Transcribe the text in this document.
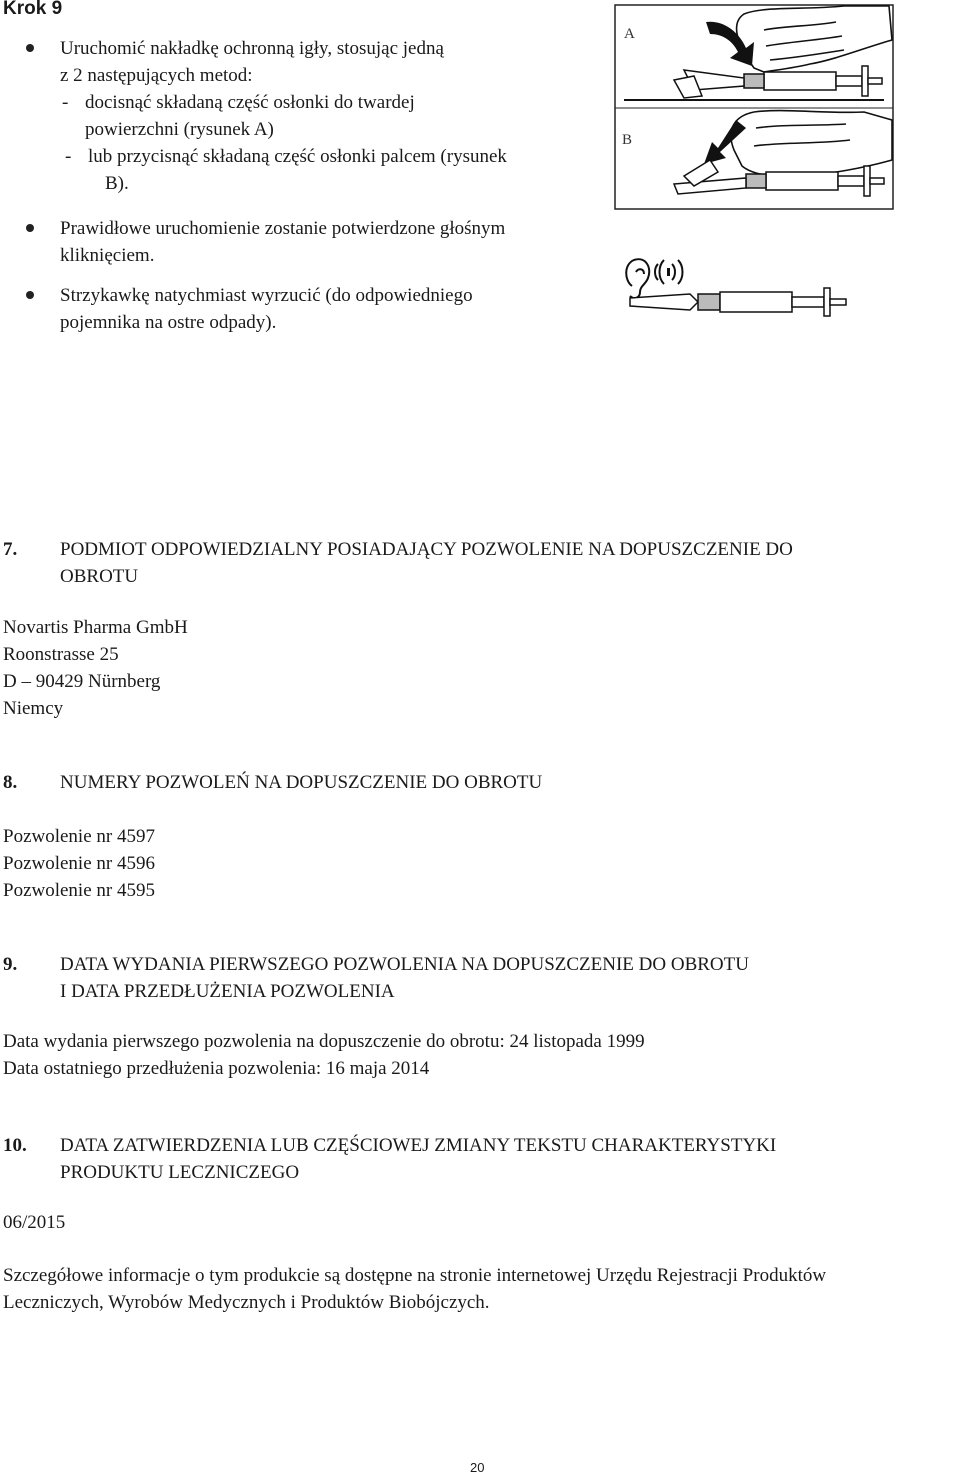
Krok 9
Uruchomić nakładkę ochronną igły, stosując jedną
z 2 następujących metod:
- docisnąć składaną część osłonki do twardej
powierzchni (rysunek A)
- lub przycisnąć składaną część osłonki palcem (rysunek
B).
Prawidłowe uruchomienie zostanie potwierdzone głośnym
kliknięciem.
Strzykawkę natychmiast wyrzucić (do odpowiedniego
pojemnika na ostre odpady).
A
B
7. PODMIOT ODPOWIEDZIALNY POSIADAJĄCY POZWOLENIE NA DOPUSZCZENIE DO
OBROTU
Novartis Pharma GmbH
Roonstrasse 25
D – 90429 Nürnberg
Niemcy
8. NUMERY POZWOLEŃ NA DOPUSZCZENIE DO OBROTU
Pozwolenie nr 4597
Pozwolenie nr 4596
Pozwolenie nr 4595
9. DATA WYDANIA PIERWSZEGO POZWOLENIA NA DOPUSZCZENIE DO OBROTU
I DATA PRZEDŁUŻENIA POZWOLENIA
Data wydania pierwszego pozwolenia na dopuszczenie do obrotu: 24 listopada 1999
Data ostatniego przedłużenia pozwolenia: 16 maja 2014
10. DATA ZATWIERDZENIA LUB CZĘŚCIOWEJ ZMIANY TEKSTU CHARAKTERYSTYKI
PRODUKTU LECZNICZEGO
06/2015
Szczegółowe informacje o tym produkcie są dostępne na stronie internetowej Urzędu Rejestracji Produktów
Leczniczych, Wyrobów Medycznych i Produktów Biobójczych.
20
